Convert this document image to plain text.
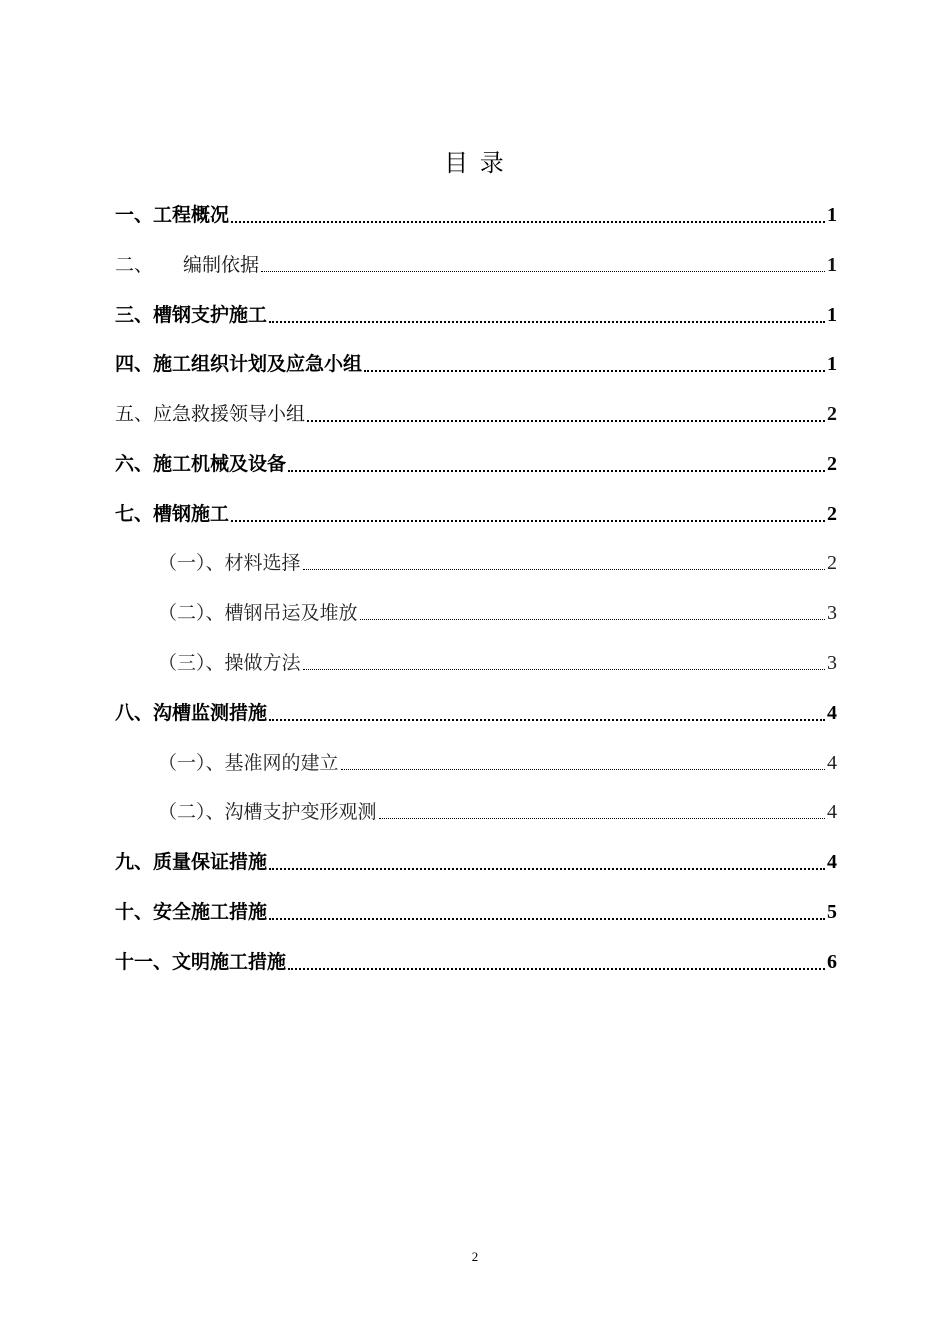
目 录
一、工程概况	1
二、 编制依据	1
三、槽钢支护施工	1
四、施工组织计划及应急小组	1
五、应急救援领导小组	2
六、施工机械及设备	2
七、槽钢施工	2
（一）、材料选择	2
（二）、槽钢吊运及堆放	3
（三）、操做方法	3
八、沟槽监测措施	4
（一）、基准网的建立	4
（二）、沟槽支护变形观测	4
九、质量保证措施	4
十、安全施工措施	5
十一、文明施工措施	6
2
